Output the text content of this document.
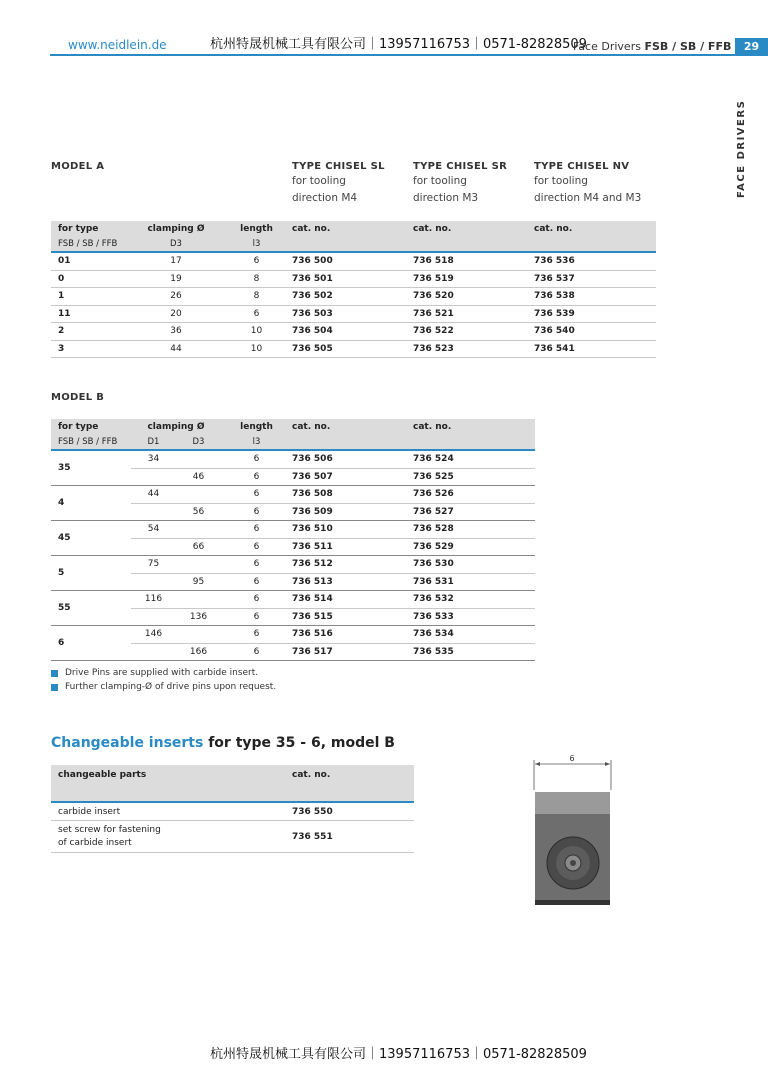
www.neidlein.de	杭州特晟机械工具有限公司｜13957116753｜0571-82828509
Face Drivers FSB / SB / FFB	29
FACE DRIVERS
MODEL A	TYPE CHISEL SL
for tooling
direction M4
TYPE CHISEL SR
for tooling
direction M3
TYPE CHISEL NV
for tooling
direction M4 and M3
for type	clamping Ø	length	cat. no.	cat. no.	cat. no.
FSB / SB / FFB	D3	l3			
01	17	6	736 500	736 518	736 536
0	19	8	736 501	736 519	736 537
1	26	8	736 502	736 520	736 538
11	20	6	736 503	736 521	736 539
2	36	10	736 504	736 522	736 540
3	44	10	736 505	736 523	736 541
MODEL B
for type	clamping Ø		length	cat. no.	cat. no.
FSB / SB / FFB	D1	D3	l3		
35	34		6	736 506	736 524
		46	6	736 507	736 525
4	44		6	736 508	736 526
		56	6	736 509	736 527
45	54		6	736 510	736 528
		66	6	736 511	736 529
5	75		6	736 512	736 530
		95	6	736 513	736 531
55	116		6	736 514	736 532
		136	6	736 515	736 533
6	146		6	736 516	736 534
		166	6	736 517	736 535
Drive Pins are supplied with carbide insert.
Further clamping-Ø of drive pins upon request.
Changeable inserts for type 35 - 6, model B
changeable parts	cat. no.
carbide insert	736 550

set screw for fastening
of carbide insert	736 551
6
杭州特晟机械工具有限公司｜13957116753｜0571-82828509
